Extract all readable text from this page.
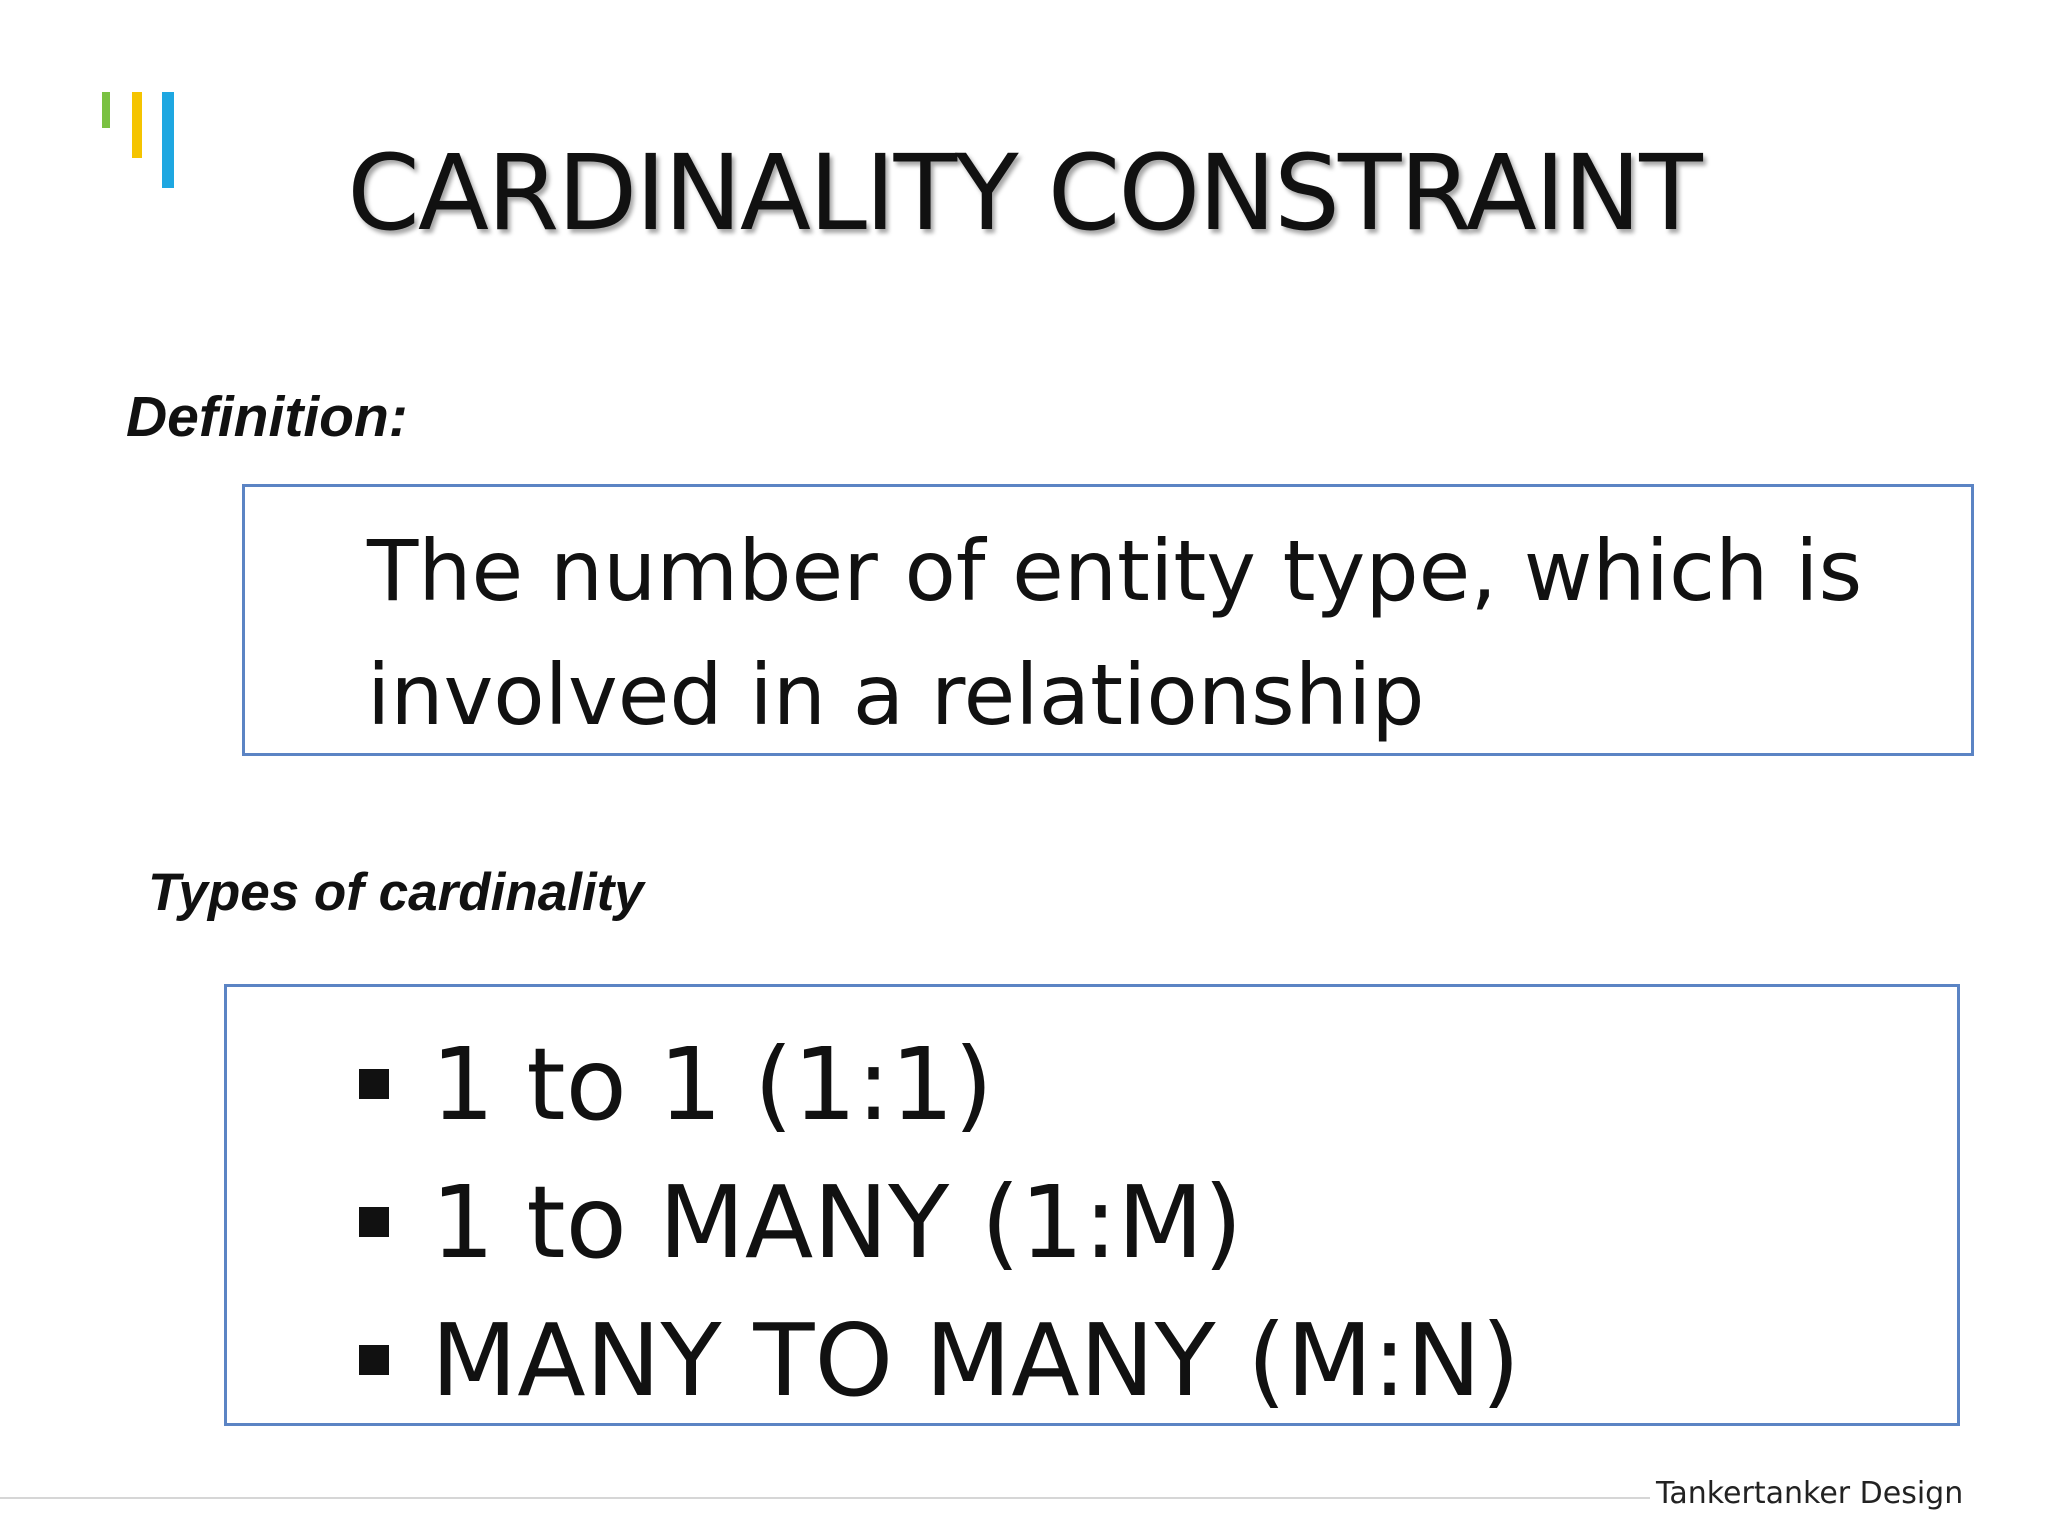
CARDINALITY CONSTRAINT

Definition:

The number of entity type, which is involved in a relationship

Types of cardinality

1 to 1 (1:1)
1 to MANY (1:M)
MANY TO MANY (M:N)
Tankertanker Design
